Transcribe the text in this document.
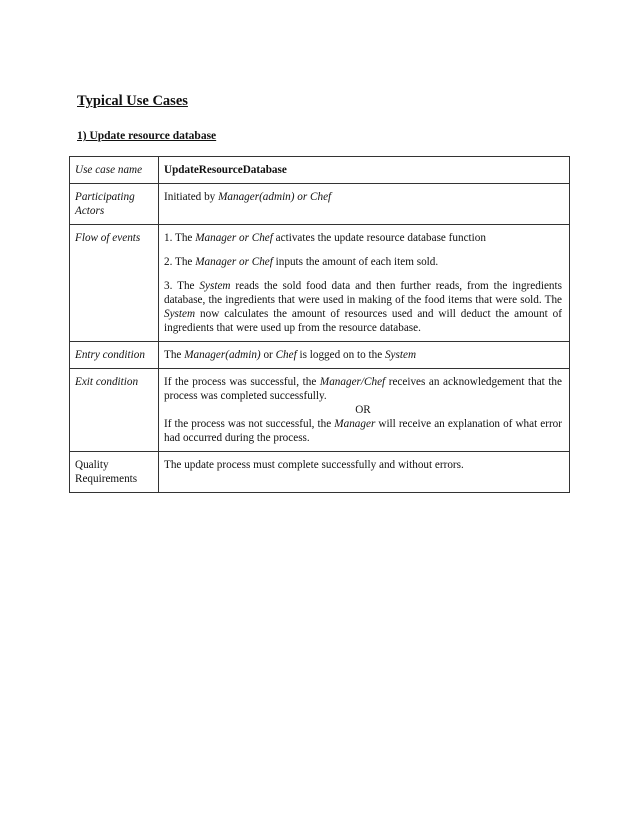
Typical Use Cases
1) Update resource database
Use case name	UpdateResourceDatabase
Participating Actors	Initiated by Manager(admin) or Chef
Flow of events	1. The Manager or Chef activates the update resource database function

2. The Manager or Chef inputs the amount of each item sold.

3. The System reads the sold food data and then further reads, from the ingredients database, the ingredients that were used in making of the food items that were sold. The System now calculates the amount of resources used and will deduct the amount of ingredients that were used up from the resource database.

Entry condition	The Manager(admin) or Chef is logged on to the System
Exit condition	If the process was successful, the Manager/Chef receives an acknowledgement that the process was completed successfully.
OR
If the process was not successful, the Manager will receive an explanation of what error had occurred during the process.

Quality Requirements	The update process must complete successfully and without errors.
